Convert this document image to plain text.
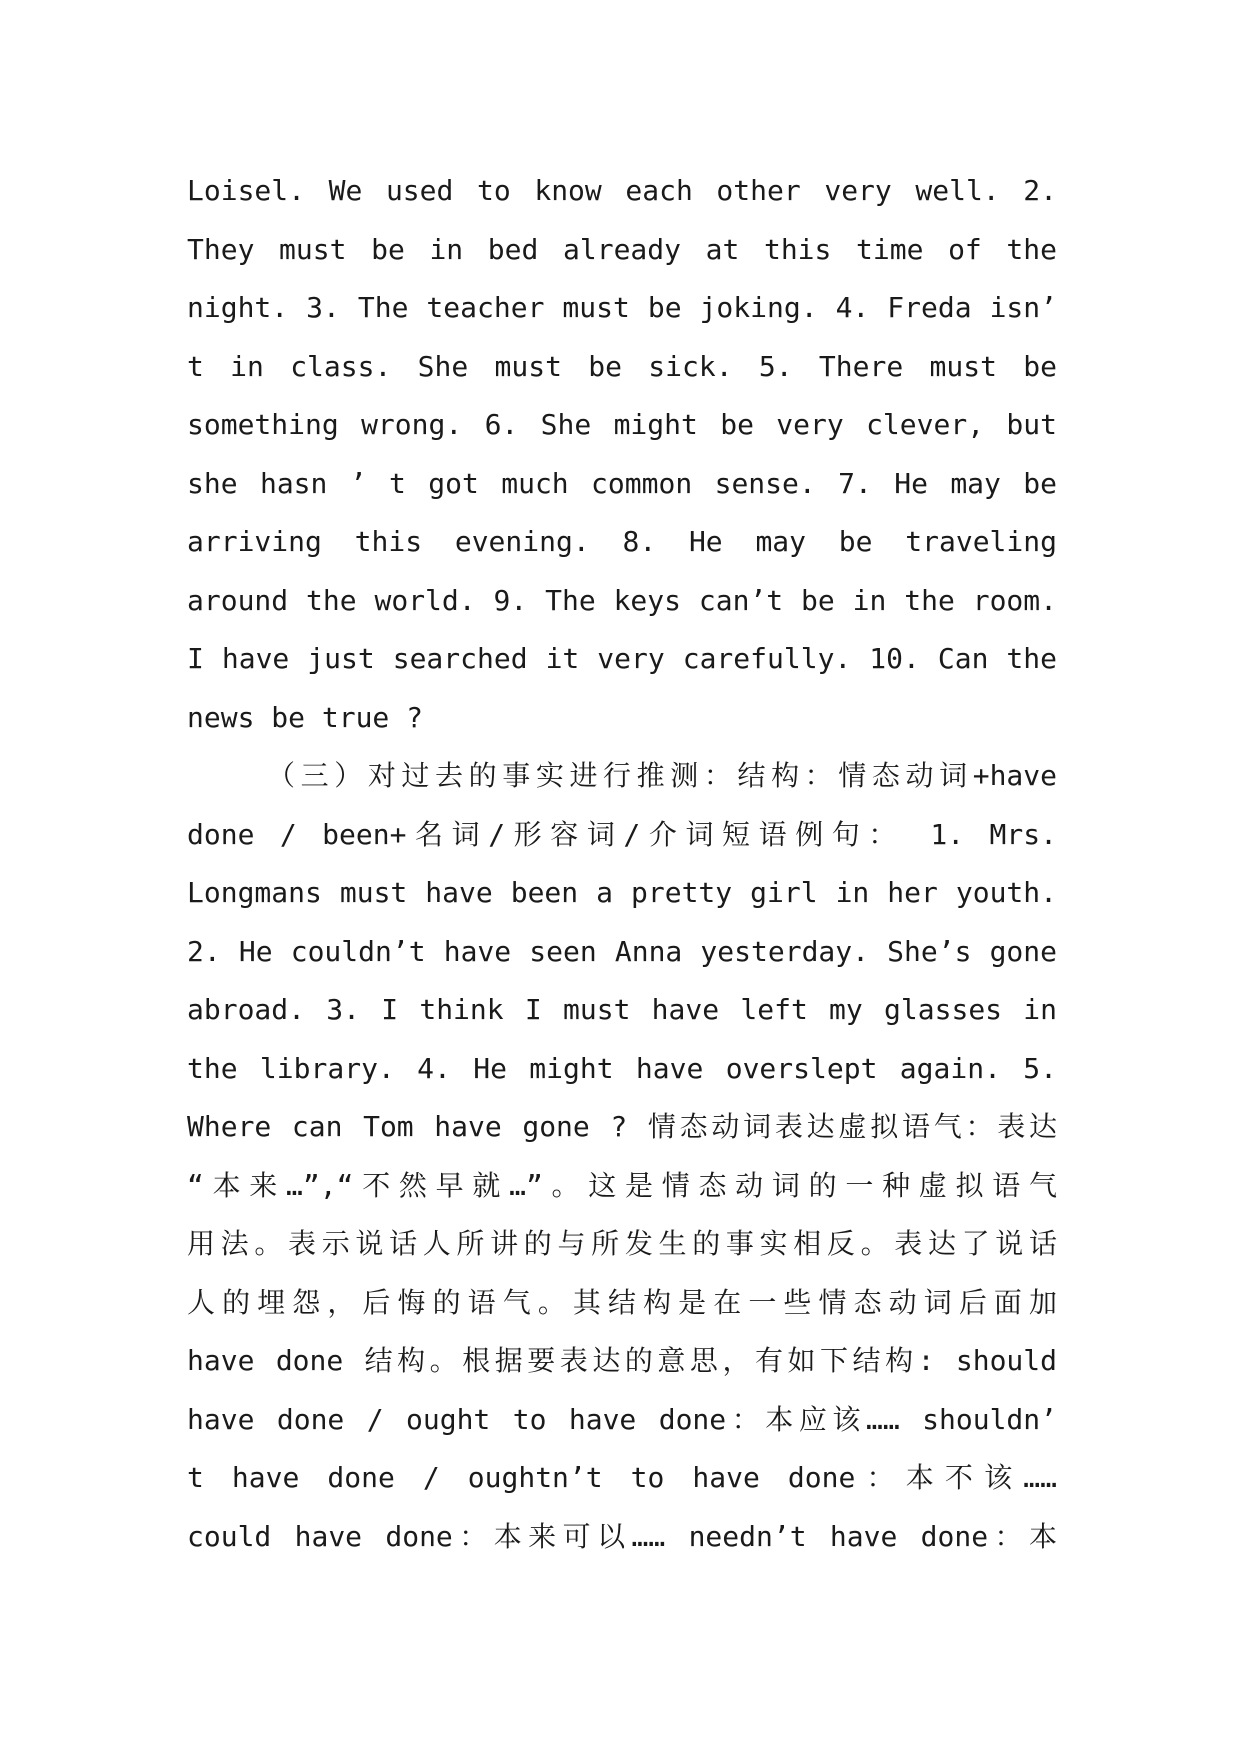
Loisel. We used to know each other very well. 2.
They must be in bed already at this time of the
night. 3. The teacher must be joking. 4. Freda isn’
t in class. She must be sick. 5. There must be
something wrong. 6. She might be very clever, but
she hasn ’ t got much common sense. 7. He may be
arriving this evening. 8. He may be traveling
around the world. 9. The keys can’t be in the room.
I have just searched it very carefully. 10. Can the
news be true ?
（三）对过去的事实进行推测：结构：情态动词+have
done / been+名词/形容词/介词短语例句： 1. Mrs.
Longmans must have been a pretty girl in her youth.
2. He couldn’t have seen Anna yesterday. She’s gone
abroad. 3. I think I must have left my glasses in
the library. 4. He might have overslept again. 5.
Where can Tom have gone ? 情态动词表达虚拟语气：表达
“本来…”,“不然早就…”。这是情态动词的一种虚拟语气
用法。表示说话人所讲的与所发生的事实相反。表达了说话
人的埋怨，后悔的语气。其结构是在一些情态动词后面加
have done 结构。根据要表达的意思，有如下结构: should
have done / ought to have done：本应该…… shouldn’
t have done / oughtn’t to have done：本不该……
could have done：本来可以…… needn’t have done：本
